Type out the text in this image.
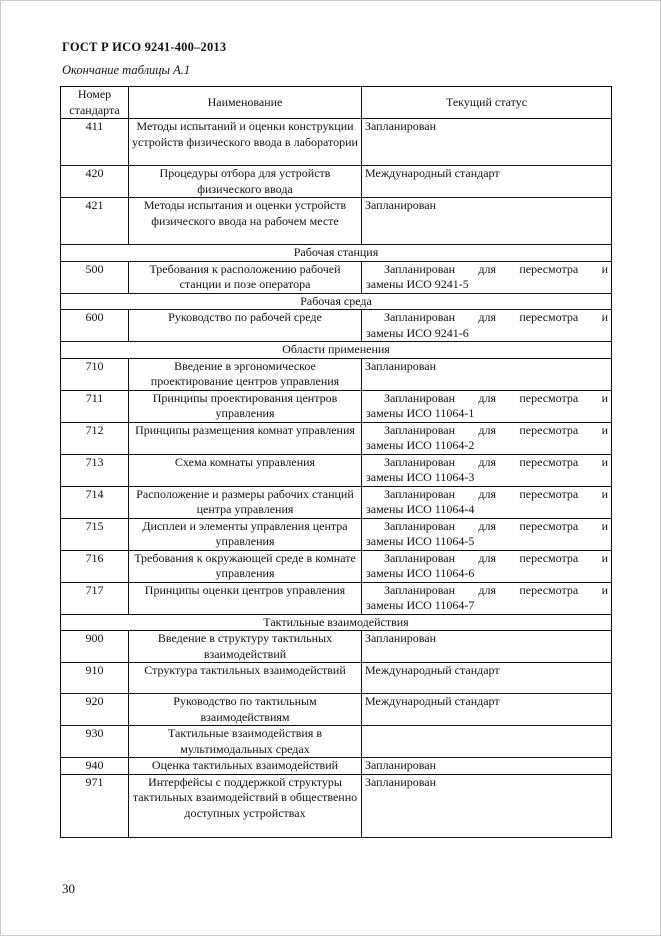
ГОСТ Р ИСО 9241-400–2013
Окончание таблицы А.1
Номер
стандарта	Наименование	Текущий статус
411	Методы испытаний и оценки конструкции устройств физического ввода в лаборатории	Запланирован
420	Процедуры отбора для устройств физического ввода	Международный стандарт
421	Методы испытания и оценки устройств физического ввода на рабочем месте	Запланирован
Рабочая станция		
500	Требования к расположению рабочей станции и позе оператора	Запланирован для пересмотра и
замены ИСО 9241-5

Рабочая среда		
600	Руководство по рабочей среде	Запланирован для пересмотра и
замены ИСО 9241-6

Области применения		
710	Введение в эргономическое проектирование центров управления	Запланирован
711	Принципы проектирования центров управления	Запланирован для пересмотра и
замены ИСО 11064-1

712	Принципы размещения комнат управления	Запланирован для пересмотра и
замены ИСО 11064-2

713	Схема комнаты управления	Запланирован для пересмотра и
замены ИСО 11064-3

714	Расположение и размеры рабочих станций центра управления	Запланирован для пересмотра и
замены ИСО 11064-4

715	Дисплеи и элементы управления центра управления	Запланирован для пересмотра и
замены ИСО 11064-5

716	Требования к окружающей среде в комнате управления	Запланирован для пересмотра и
замены ИСО 11064-6

717	Принципы оценки центров управления	Запланирован для пересмотра и
замены ИСО 11064-7

Тактильные взаимодействия		
900	Введение в структуру тактильных взаимодействий	Запланирован
910	Структура тактильных взаимодействий	Международный стандарт
920	Руководство по тактильным взаимодействиям	Международный стандарт
930	Тактильные взаимодействия в мультимодальных средах	
940	Оценка тактильных взаимодействий	Запланирован
971	Интерфейсы с поддержкой структуры тактильных взаимодействий в общественно доступных устройствах	Запланирован
30
